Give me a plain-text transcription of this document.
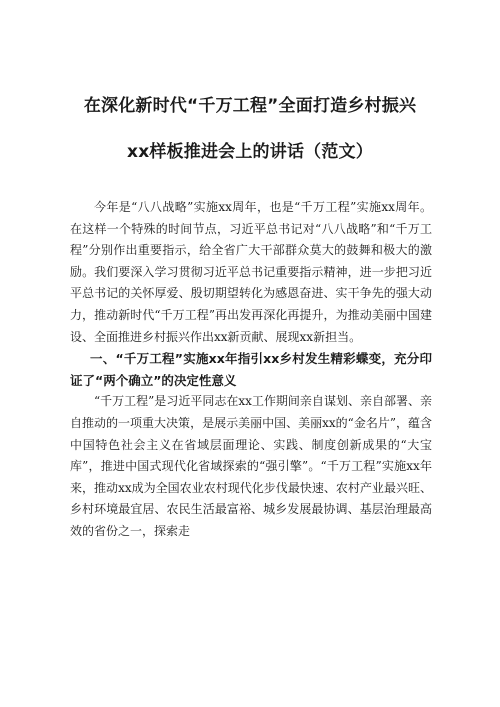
在深化新时代“千万工程”全面打造乡村振兴
xx样板推进会上的讲话（范文）

今年是“八八战略”实施xx周年，也是“千万工程”实施xx周年。在这样一个特殊的时间节点，习近平总书记对“八八战略”和“千万工程”分别作出重要指示，给全省广大干部群众莫大的鼓舞和极大的激励。我们要深入学习贯彻习近平总书记重要指示精神，进一步把习近平总书记的关怀厚爱、殷切期望转化为感恩奋进、实干争先的强大动力，推动新时代“千万工程”再出发再深化再提升，为推动美丽中国建设、全面推进乡村振兴作出xx新贡献、展现xx新担当。

一、“千万工程”实施xx年指引xx乡村发生精彩蝶变，充分印证了“两个确立”的决定性意义

“千万工程”是习近平同志在xx工作期间亲自谋划、亲自部署、亲自推动的一项重大决策，是展示美丽中国、美丽xx的“金名片”，蕴含中国特色社会主义在省域层面理论、实践、制度创新成果的“大宝库”，推进中国式现代化省域探索的“强引擎”。“千万工程”实施xx年来，推动xx成为全国农业农村现代化步伐最快速、农村产业最兴旺、乡村环境最宜居、农民生活最富裕、城乡发展最协调、基层治理最高效的省份之一，探索走
